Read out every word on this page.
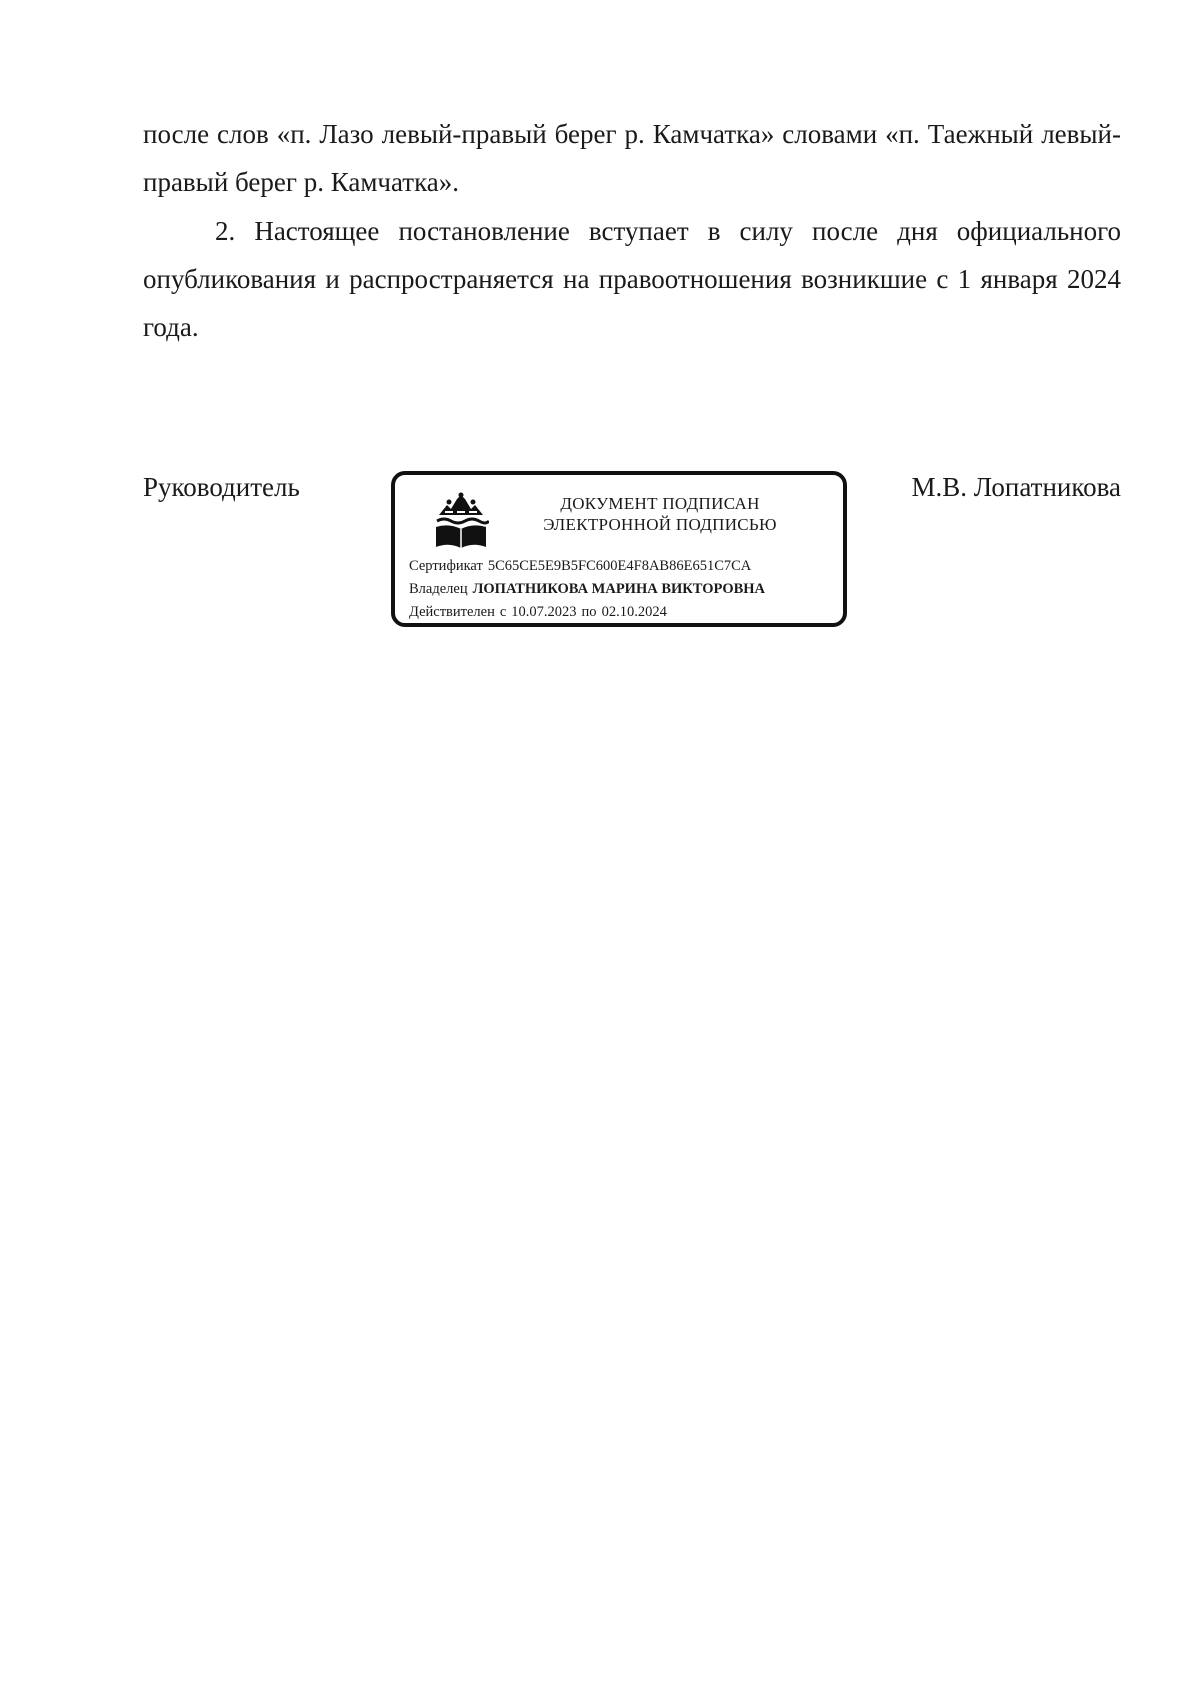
после слов «п. Лазо левый-правый берег р. Камчатка» словами «п. Таежный левый-правый берег р. Камчатка».

2. Настоящее постановление вступает в силу после дня официального опубликования и распространяется на правоотношения возникшие с 1 января 2024 года.

Руководитель	М.В. Лопатникова
ДОКУМЕНТ ПОДПИСАН
ЭЛЕКТРОННОЙ ПОДПИСЬЮ
Сертификат 5C65CE5E9B5FC600E4F8AB86E651C7CA
Владелец ЛОПАТНИКОВА МАРИНА ВИКТОРОВНА
Действителен с 10.07.2023 по 02.10.2024
